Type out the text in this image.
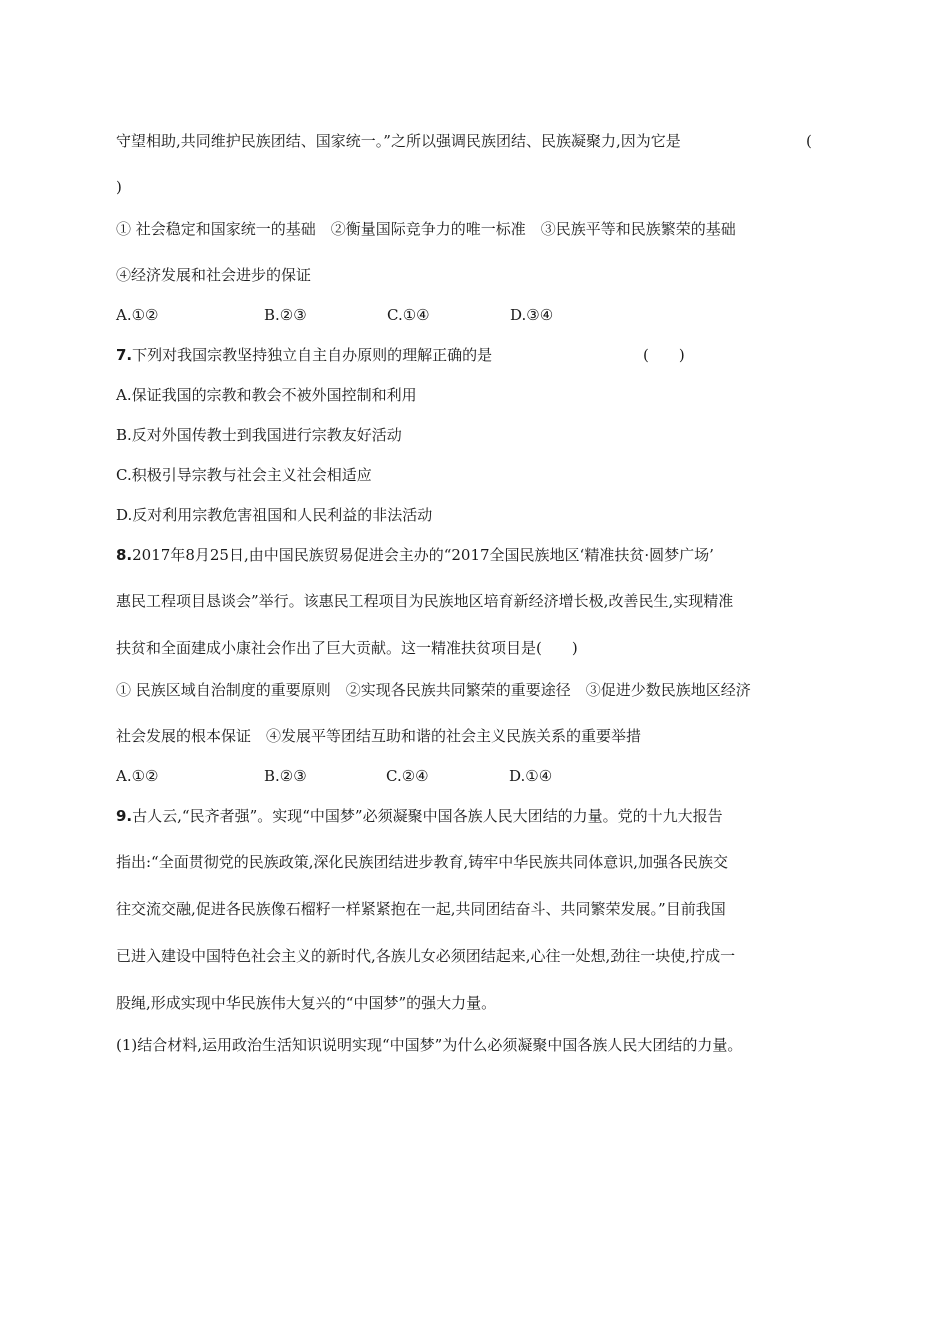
守望相助,共同维护民族团结、国家统一。”之所以强调民族团结、民族凝聚力,因为它是	(
)
① 社会稳定和国家统一的基础　②衡量国际竞争力的唯一标准　③民族平等和民族繁荣的基础
④经济发展和社会进步的保证
A.①②	B.②③	C.①④	D.③④
7.下列对我国宗教坚持独立自主自办原则的理解正确的是	(　　)
A.保证我国的宗教和教会不被外国控制和利用
B.反对外国传教士到我国进行宗教友好活动
C.积极引导宗教与社会主义社会相适应
D.反对利用宗教危害祖国和人民利益的非法活动
8.2017年8月25日,由中国民族贸易促进会主办的“2017全国民族地区‘精准扶贫·圆梦广场’
惠民工程项目恳谈会”举行。该惠民工程项目为民族地区培育新经济增长极,改善民生,实现精准
扶贫和全面建成小康社会作出了巨大贡献。这一精准扶贫项目是(　　)
① 民族区域自治制度的重要原则　②实现各民族共同繁荣的重要途径　③促进少数民族地区经济
社会发展的根本保证　④发展平等团结互助和谐的社会主义民族关系的重要举措
A.①②	B.②③	C.②④	D.①④
9.古人云,“民齐者强”。实现“中国梦”必须凝聚中国各族人民大团结的力量。党的十九大报告
指出:“全面贯彻党的民族政策,深化民族团结进步教育,铸牢中华民族共同体意识,加强各民族交
往交流交融,促进各民族像石榴籽一样紧紧抱在一起,共同团结奋斗、共同繁荣发展。”目前我国
已进入建设中国特色社会主义的新时代,各族儿女必须团结起来,心往一处想,劲往一块使,拧成一
股绳,形成实现中华民族伟大复兴的“中国梦”的强大力量。
(1)结合材料,运用政治生活知识说明实现“中国梦”为什么必须凝聚中国各族人民大团结的力量。
